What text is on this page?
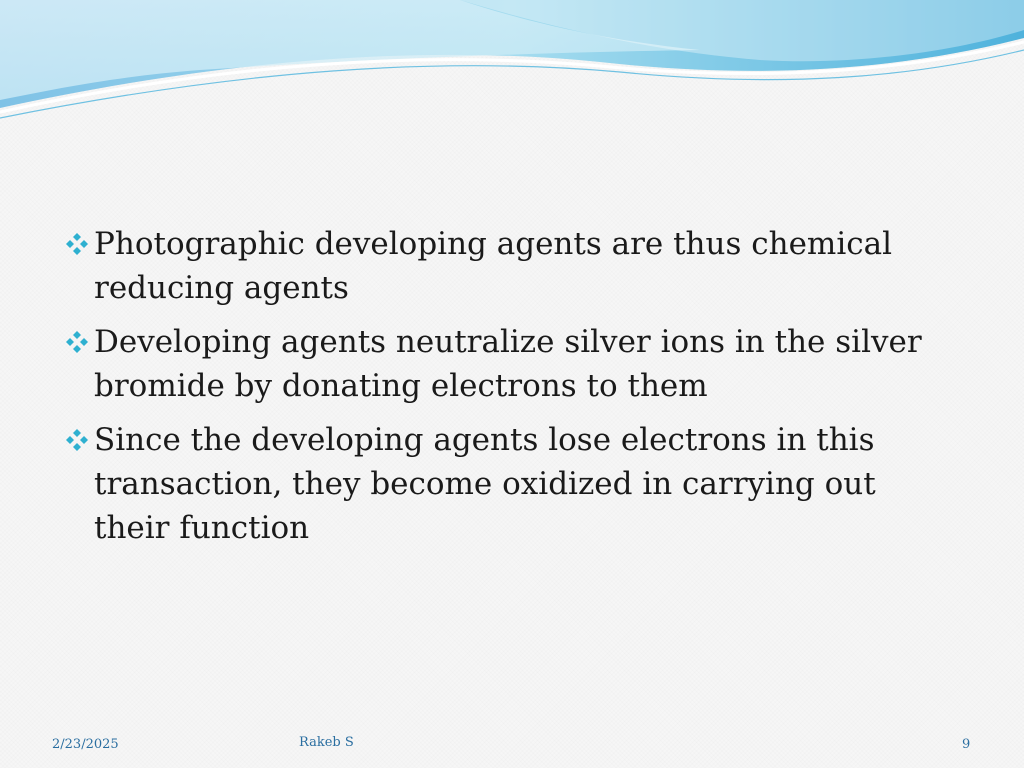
Photographic developing agents are thus chemical reducing agents
Developing agents neutralize silver ions in the silver bromide by donating electrons to them
Since the developing agents lose electrons in this transaction, they become oxidized in carrying out their function
2/23/2025	Rakeb S	9
